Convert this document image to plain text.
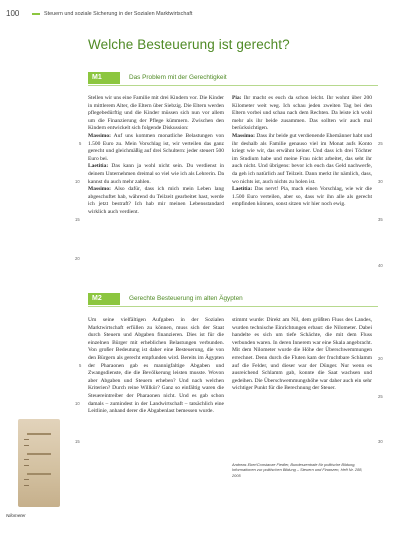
100	Steuern und soziale Sicherung in der Sozialen Marktwirtschaft
Welche Besteuerung ist gerecht?
M1	Das Problem mit der Gerechtigkeit

Stellen wir uns eine Familie mit drei Kindern vor. Die Kinder in mittlerem Alter, die Eltern über Siebzig. Die Eltern werden pflegebedürftig und die Kinder müssen sich nun vor allem um die Finanzierung der Pflege kümmern. Zwischen den Kindern entwickelt sich folgende Diskussion:

Massimo: Auf uns kommen monatliche Belastungen von 1.500 Euro zu. Mein Vorschlag ist, wir verteilen das ganz gerecht und gleichmäßig auf drei Schultern: jeder steuert 500 Euro bei.

Laetitia: Das kann ja wohl nicht sein. Du verdienst in deinem Unternehmen dreimal so viel wie ich als Lehrerin. Da kannst du auch mehr zahlen.

Massimo: Also dafür, dass ich mich mein Leben lang abgeschuftet hab, während du Teilzeit gearbeitet hast, werde ich jetzt bestraft? Ich hab mir meinen Lebensstandard wirklich auch verdient.

5
10
15
20

Pia: Ihr macht es euch da schon leicht. Ihr wohnt über 200 Kilometer weit weg. Ich schau jeden zweiten Tag bei den Eltern vorbei und schau nach dem Rechten. Da leiste ich wohl mehr als ihr beide zusammen. Das sollten wir auch mal berücksichtigen.

Massimo: Dass ihr beide gut verdienende Ehemänner habt und ihr deshalb als Familie genauso viel im Monat aufs Konto kriegt wie wir, das erwähnt keiner. Und dass ich drei Töchter im Studium habe und meine Frau nicht arbeitet, das seht ihr auch nicht. Und übrigens: bevor ich euch das Geld nachwerfe, da geh ich natürlich auf Teilzeit. Dann merkt ihr nämlich, dass, wo nichts ist, auch nichts zu holen ist.

Laetitia: Das nervt! Pia, mach einen Vorschlag, wie wir die 1.500 Euro verteilen, aber so, dass wir ihn alle als gerecht empfinden können, sonst sitzen wir hier noch ewig.

25
30
35
40
M2	Gerechte Besteuerung im alten Ägypten

Um seine vielfältigen Aufgaben in der Sozialen Marktwirtschaft erfüllen zu können, muss sich der Staat durch Steuern und Abgaben finanzieren. Dies ist für die einzelnen Bürger mit erheblichen Belastungen verbunden. Von großer Bedeutung ist daher eine Besteuerung, die von den Bürgern als gerecht empfunden wird. Bereits im Ägypten der Pharaonen gab es mannigfaltige Abgaben und Zwangsdienste, die die Bevölkerung leisten musste. Wovon aber Abgaben und Steuern erheben? Und nach welchen Kriterien? Durch reine Willkür? Ganz so einfältig waren die Steuereintreiber der Pharaonen nicht. Und es gab schon damals – zumindest in der Landwirtschaft – tatsächlich eine Leitlinie, anhand derer die Abgabenlast bemessen wurde.

5
10
15

stimmt wurde: Direkt am Nil, dem größten Fluss des Landes, wurden technische Einrichtungen erbaut: die Nilometer. Dabei handelte es sich um tiefe Schächte, die mit dem Fluss verbunden waren. In deren Innerem war eine Skala angebracht. Mit dem Nilometer wurde die Höhe der Überschwemmungen errechnet. Denn durch die Fluten kam der fruchtbare Schlamm auf die Felder, und dieser war der Dünger. Nur wenn es ausreichend Schlamm gab, konnte die Saat wachsen und gedeihen. Die Überschwemmungshöhe war daher auch ein sehr wichtiger Punkt für die Berechnung der Steuer.

20
25
30

Andreas Eber/Constanze Fiedler, Bundeszentrale für politische Bildung, Informationen zur politischen Bildung – Steuern und Finanzen, Heft Nr. 288, 2005

Nilometer
